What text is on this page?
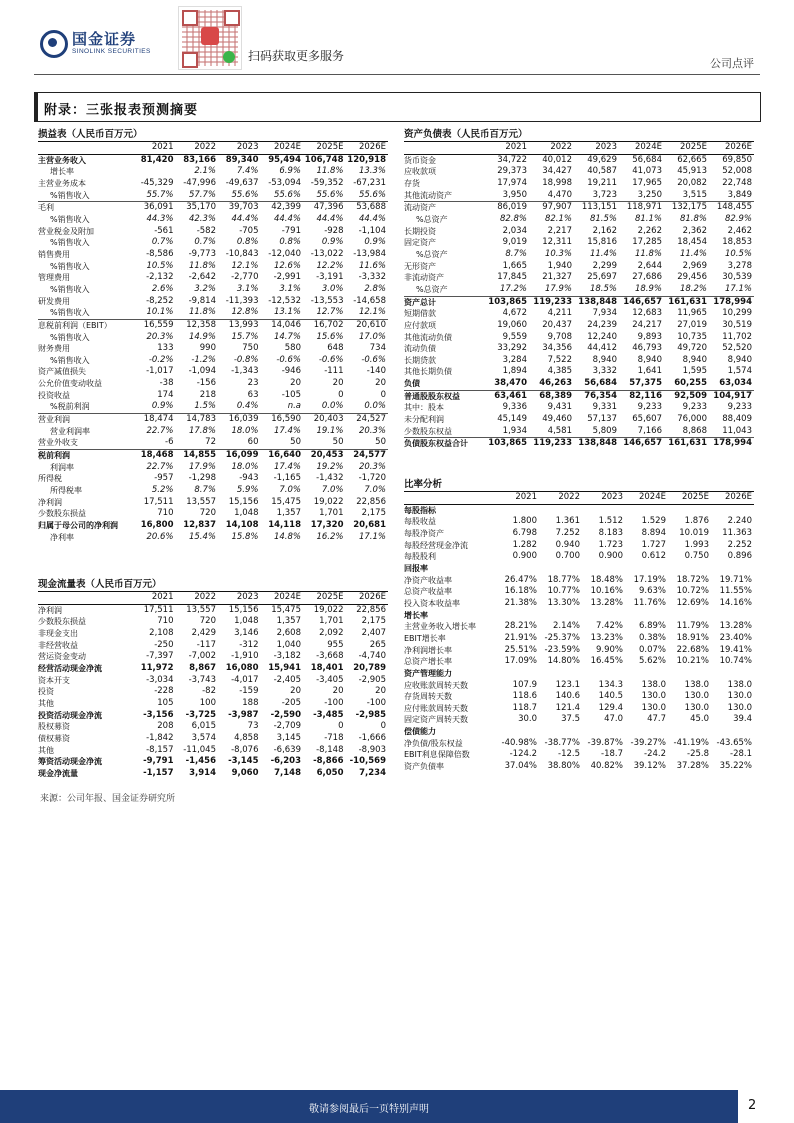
国金证券
SINOLINK SECURITIES	扫码获取更多服务
公司点评
附录：三张报表预测摘要
损益表（人民币百万元）
	2021	2022	2023	2024E	2025E	2026E
主营业务收入	81,420	83,166	89,340	95,494	106,748	120,918
增长率		2.1%	7.4%	6.9%	11.8%	13.3%
主营业务成本	-45,329	-47,996	-49,637	-53,094	-59,352	-67,231
%销售收入	55.7%	57.7%	55.6%	55.6%	55.6%	55.6%
毛利	36,091	35,170	39,703	42,399	47,396	53,688
%销售收入	44.3%	42.3%	44.4%	44.4%	44.4%	44.4%
营业税金及附加	-561	-582	-705	-791	-928	-1,104
%销售收入	0.7%	0.7%	0.8%	0.8%	0.9%	0.9%
销售费用	-8,586	-9,773	-10,843	-12,040	-13,022	-13,984
%销售收入	10.5%	11.8%	12.1%	12.6%	12.2%	11.6%
管理费用	-2,132	-2,642	-2,770	-2,991	-3,191	-3,332
%销售收入	2.6%	3.2%	3.1%	3.1%	3.0%	2.8%
研发费用	-8,252	-9,814	-11,393	-12,532	-13,553	-14,658
%销售收入	10.1%	11.8%	12.8%	13.1%	12.7%	12.1%
息税前利润（EBIT）	16,559	12,358	13,993	14,046	16,702	20,610
%销售收入	20.3%	14.9%	15.7%	14.7%	15.6%	17.0%
财务费用	133	990	750	580	648	734
%销售收入	-0.2%	-1.2%	-0.8%	-0.6%	-0.6%	-0.6%
资产减值损失	-1,017	-1,094	-1,343	-946	-111	-140
公允价值变动收益	-38	-156	23	20	20	20
投资收益	174	218	63	-105	0	0
%税前利润	0.9%	1.5%	0.4%	n.a	0.0%	0.0%
营业利润	18,474	14,783	16,039	16,590	20,403	24,527
营业利润率	22.7%	17.8%	18.0%	17.4%	19.1%	20.3%
营业外收支	-6	72	60	50	50	50
税前利润	18,468	14,855	16,099	16,640	20,453	24,577
利润率	22.7%	17.9%	18.0%	17.4%	19.2%	20.3%
所得税	-957	-1,298	-943	-1,165	-1,432	-1,720
所得税率	5.2%	8.7%	5.9%	7.0%	7.0%	7.0%
净利润	17,511	13,557	15,156	15,475	19,022	22,856
少数股东损益	710	720	1,048	1,357	1,701	2,175
归属于母公司的净利润	16,800	12,837	14,108	14,118	17,320	20,681
净利率	20.6%	15.4%	15.8%	14.8%	16.2%	17.1%
资产负债表（人民币百万元）
	2021	2022	2023	2024E	2025E	2026E
货币资金	34,722	40,012	49,629	56,684	62,665	69,850
应收款项	29,373	34,427	40,587	41,073	45,913	52,008
存货	17,974	18,998	19,211	17,965	20,082	22,748
其他流动资产	3,950	4,470	3,723	3,250	3,515	3,849
流动资产	86,019	97,907	113,151	118,971	132,175	148,455
%总资产	82.8%	82.1%	81.5%	81.1%	81.8%	82.9%
长期投资	2,034	2,217	2,162	2,262	2,362	2,462
固定资产	9,019	12,311	15,816	17,285	18,454	18,853
%总资产	8.7%	10.3%	11.4%	11.8%	11.4%	10.5%
无形资产	1,665	1,940	2,299	2,644	2,969	3,278
非流动资产	17,845	21,327	25,697	27,686	29,456	30,539
%总资产	17.2%	17.9%	18.5%	18.9%	18.2%	17.1%
资产总计	103,865	119,233	138,848	146,657	161,631	178,994
短期借款	4,672	4,211	7,934	12,683	11,965	10,299
应付款项	19,060	20,437	24,239	24,217	27,019	30,519
其他流动负债	9,559	9,708	12,240	9,893	10,735	11,702
流动负债	33,292	34,356	44,412	46,793	49,720	52,520
长期贷款	3,284	7,522	8,940	8,940	8,940	8,940
其他长期负债	1,894	4,385	3,332	1,641	1,595	1,574
负债	38,470	46,263	56,684	57,375	60,255	63,034
普通股股东权益	63,461	68,389	76,354	82,116	92,509	104,917
其中：股本	9,336	9,431	9,331	9,233	9,233	9,233
未分配利润	45,149	49,460	57,137	65,607	76,000	88,409
少数股东权益	1,934	4,581	5,809	7,166	8,868	11,043
负债股东权益合计	103,865	119,233	138,848	146,657	161,631	178,994
现金流量表（人民币百万元）
	2021	2022	2023	2024E	2025E	2026E
净利润	17,511	13,557	15,156	15,475	19,022	22,856
少数股东损益	710	720	1,048	1,357	1,701	2,175
非现金支出	2,108	2,429	3,146	2,608	2,092	2,407
非经营收益	-250	-117	-312	1,040	955	265
营运资金变动	-7,397	-7,002	-1,910	-3,182	-3,668	-4,740
经营活动现金净流	11,972	8,867	16,080	15,941	18,401	20,789
资本开支	-3,034	-3,743	-4,017	-2,405	-3,405	-2,905
投资	-228	-82	-159	20	20	20
其他	105	100	188	-205	-100	-100
投资活动现金净流	-3,156	-3,725	-3,987	-2,590	-3,485	-2,985
股权募资	208	6,015	73	-2,709	0	0
债权募资	-1,842	3,574	4,858	3,145	-718	-1,666
其他	-8,157	-11,045	-8,076	-6,639	-8,148	-8,903
筹资活动现金净流	-9,791	-1,456	-3,145	-6,203	-8,866	-10,569
现金净流量	-1,157	3,914	9,060	7,148	6,050	7,234
比率分析
	2021	2022	2023	2024E	2025E	2026E
每股指标						
每股收益	1.800	1.361	1.512	1.529	1.876	2.240
每股净资产	6.798	7.252	8.183	8.894	10.019	11.363
每股经营现金净流	1.282	0.940	1.723	1.727	1.993	2.252
每股股利	0.900	0.700	0.900	0.612	0.750	0.896
回报率						
净资产收益率	26.47%	18.77%	18.48%	17.19%	18.72%	19.71%
总资产收益率	16.18%	10.77%	10.16%	9.63%	10.72%	11.55%
投入资本收益率	21.38%	13.30%	13.28%	11.76%	12.69%	14.16%
增长率						
主营业务收入增长率	28.21%	2.14%	7.42%	6.89%	11.79%	13.28%
EBIT增长率	21.91%	-25.37%	13.23%	0.38%	18.91%	23.40%
净利润增长率	25.51%	-23.59%	9.90%	0.07%	22.68%	19.41%
总资产增长率	17.09%	14.80%	16.45%	5.62%	10.21%	10.74%
资产管理能力						
应收账款周转天数	107.9	123.1	134.3	138.0	138.0	138.0
存货周转天数	118.6	140.6	140.5	130.0	130.0	130.0
应付账款周转天数	118.7	121.4	129.4	130.0	130.0	130.0
固定资产周转天数	30.0	37.5	47.0	47.7	45.0	39.4
偿债能力						
净负债/股东权益	-40.98%	-38.77%	-39.87%	-39.27%	-41.19%	-43.65%
EBIT利息保障倍数	-124.2	-12.5	-18.7	-24.2	-25.8	-28.1
资产负债率	37.04%	38.80%	40.82%	39.12%	37.28%	35.22%
来源：公司年报、国金证券研究所
敬请参阅最后一页特别声明	2
